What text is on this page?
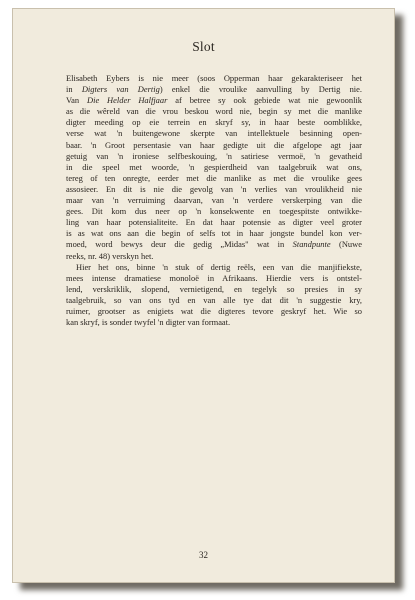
Slot
Elisabeth Eybers is nie meer (soos Opperman haar gekarakteriseer het
in Digters van Dertig) enkel die vroulike aanvulling by Dertig nie.
Van Die Helder Halfjaar af betree sy ook gebiede wat nie gewoonlik
as die wêreld van die vrou beskou word nie, begin sy met die manlike
digter meeding op eie terrein en skryf sy, in haar beste oomblikke,
verse wat 'n buitengewone skerpte van intellektuele besinning open-
baar. 'n Groot persentasie van haar gedigte uit die afgelope agt jaar
getuig van 'n ironiese selfbeskouing, 'n satiriese vermoë, 'n gevatheid
in die speel met woorde, 'n gespierdheid van taalgebruik wat ons,
tereg of ten onregte, eerder met die manlike as met die vroulike gees
assosieer. En dit is nie die gevolg van 'n verlies van vroulikheid nie
maar van 'n verruiming daarvan, van 'n verdere verskerping van die
gees. Dit kom dus neer op 'n konsekwente en toegespitste ontwikke-
ling van haar potensialiteite. En dat haar potensie as digter veel groter
is as wat ons aan die begin of selfs tot in haar jongste bundel kon ver-
moed, word bewys deur die gedig „Midas" wat in Standpunte (Nuwe
reeks, nr. 48) verskyn het.
Hier het ons, binne 'n stuk of dertig reëls, een van die manjifiekste,
mees intense dramatiese monoloë in Afrikaans. Hierdie vers is ontstel-
lend, verskriklik, slopend, vernietigend, en tegelyk so presies in sy
taalgebruik, so van ons tyd en van alle tye dat dit 'n suggestie kry,
ruimer, grootser as enigiets wat die digteres tevore geskryf het. Wie so
kan skryf, is sonder twyfel 'n digter van formaat.
32
